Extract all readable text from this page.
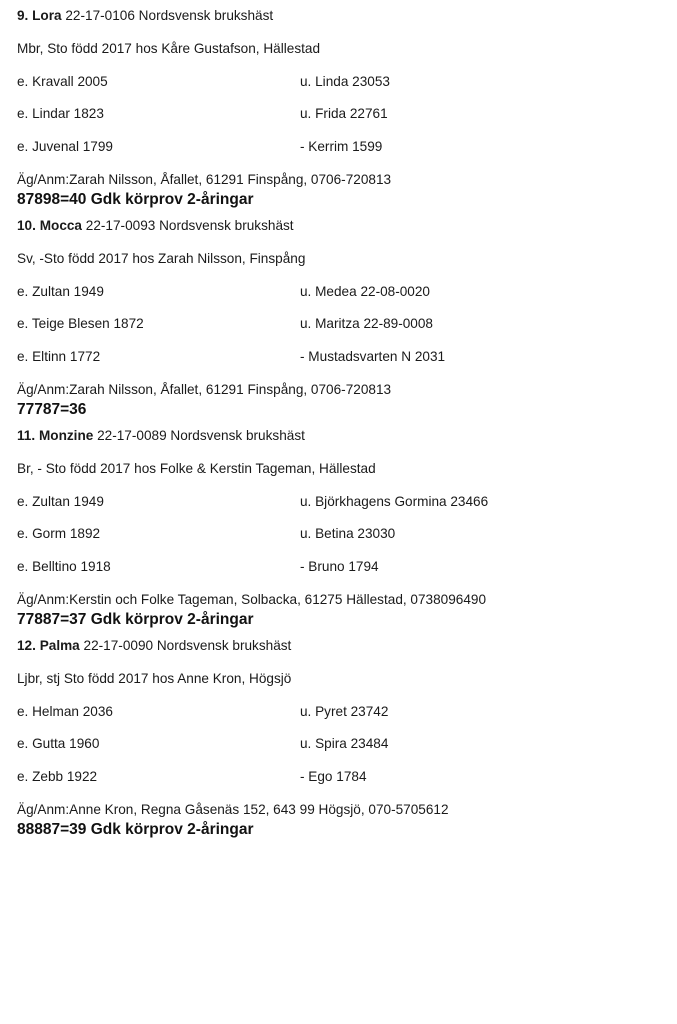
9. Lora 22-17-0106 Nordsvensk brukshäst
Mbr, Sto född 2017 hos Kåre Gustafson, Hällestad
e. Kravall 2005	u. Linda 23053
e. Lindar 1823	u. Frida 22761
e. Juvenal 1799	- Kerrim 1599
Äg/Anm:Zarah Nilsson, Åfallet, 61291 Finspång, 0706-720813
87898=40 Gdk körprov 2-åringar
10. Mocca 22-17-0093 Nordsvensk brukshäst
Sv, -Sto född 2017 hos Zarah Nilsson, Finspång
e. Zultan 1949	u. Medea 22-08-0020
e. Teige Blesen 1872	u. Maritza 22-89-0008
e. Eltinn 1772	- Mustadsvarten N 2031
Äg/Anm:Zarah Nilsson, Åfallet, 61291 Finspång, 0706-720813
77787=36
11. Monzine 22-17-0089 Nordsvensk brukshäst
Br, - Sto född 2017 hos Folke & Kerstin Tageman, Hällestad
e. Zultan 1949	u. Björkhagens Gormina 23466
e. Gorm 1892	u. Betina 23030
e. Belltino 1918	- Bruno 1794
Äg/Anm:Kerstin och Folke Tageman, Solbacka, 61275 Hällestad, 0738096490
77887=37 Gdk körprov 2-åringar
12. Palma 22-17-0090 Nordsvensk brukshäst
Ljbr, stj Sto född 2017 hos Anne Kron, Högsjö
e. Helman 2036	u. Pyret 23742
e. Gutta 1960	u. Spira 23484
e. Zebb 1922	- Ego 1784
Äg/Anm:Anne Kron, Regna Gåsenäs 152, 643 99 Högsjö, 070-5705612
88887=39 Gdk körprov 2-åringar
